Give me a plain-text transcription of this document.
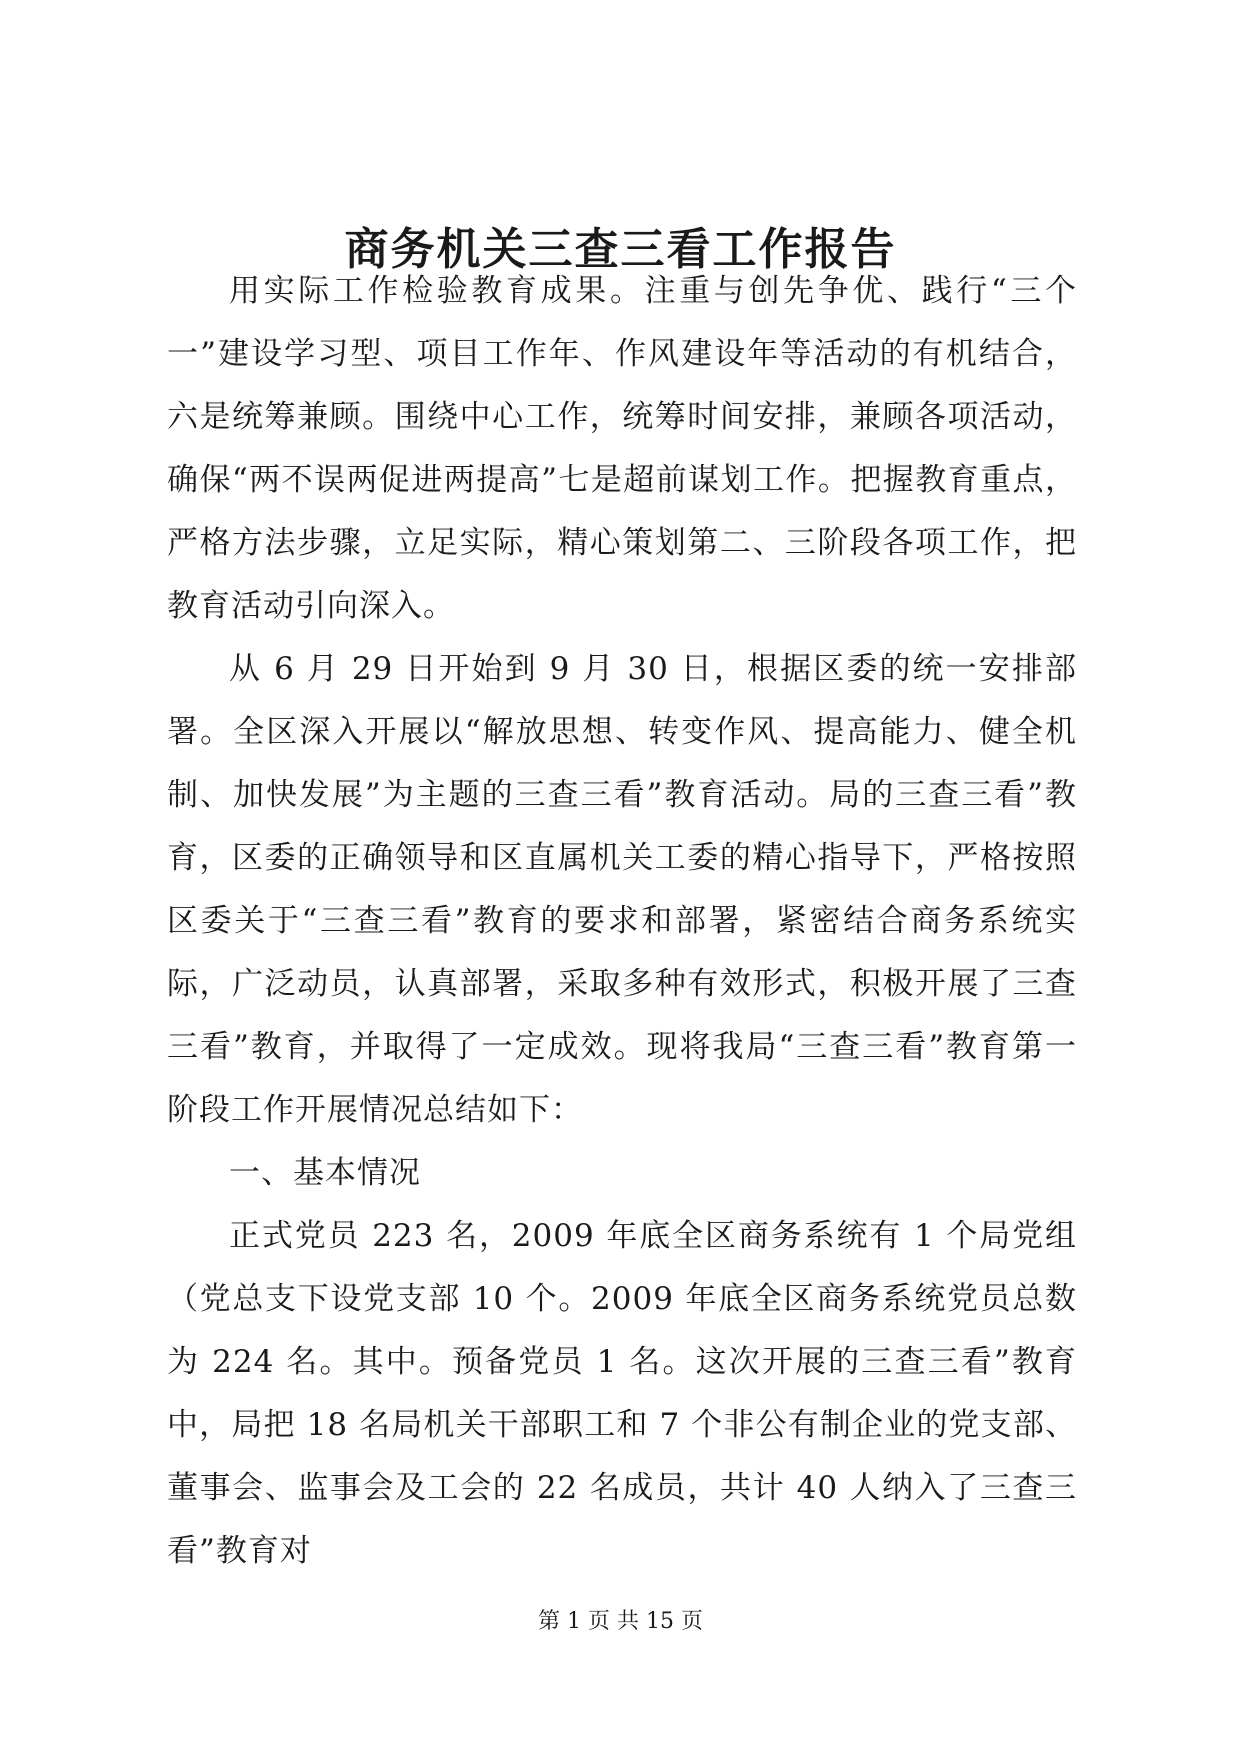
商务机关三查三看工作报告

用实际工作检验教育成果。注重与创先争优、践行“三个一”建设学习型、项目工作年、作风建设年等活动的有机结合，六是统筹兼顾。围绕中心工作，统筹时间安排，兼顾各项活动，确保“两不误两促进两提高”七是超前谋划工作。把握教育重点，严格方法步骤，立足实际，精心策划第二、三阶段各项工作，把教育活动引向深入。

从 6 月 29 日开始到 9 月 30 日，根据区委的统一安排部署。全区深入开展以“解放思想、转变作风、提高能力、健全机制、加快发展”为主题的三查三看”教育活动。局的三查三看”教育，区委的正确领导和区直属机关工委的精心指导下，严格按照区委关于“三查三看”教育的要求和部署，紧密结合商务系统实际，广泛动员，认真部署，采取多种有效形式，积极开展了三查三看”教育，并取得了一定成效。现将我局“三查三看”教育第一阶段工作开展情况总结如下：

一、基本情况

正式党员 223 名，2009 年底全区商务系统有 1 个局党组（党总支下设党支部 10 个。2009 年底全区商务系统党员总数为 224 名。其中。预备党员 1 名。这次开展的三查三看”教育中，局把 18 名局机关干部职工和 7 个非公有制企业的党支部、董事会、监事会及工会的 22 名成员，共计 40 人纳入了三查三看”教育对

第 1 页 共 15 页
